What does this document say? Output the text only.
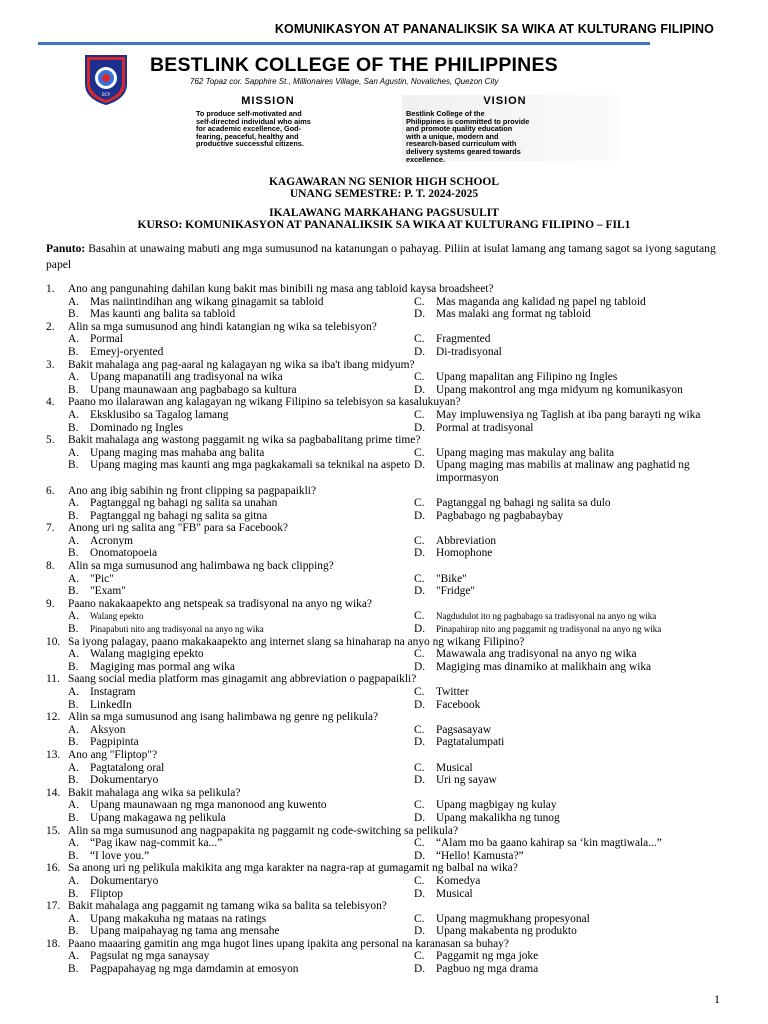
KOMUNIKASYON AT PANANALIKSIK SA WIKA AT KULTURANG FILIPINO
BCP
BESTLINK COLLEGE OF THE PHILIPPINES
762 Topaz cor. Sapphire St., Millionaires Village, San Agustin, Novaliches, Quezon City
MISSION
To produce self-motivated and
self-directed individual who aims
for academic excellence, God-
fearing, peaceful, healthy and
productive successful citizens.
VISION
Bestlink College of the
Philippines is committed to provide
and promote quality education
with a unique, modern and
research-based curriculum with
delivery systems geared towards
excellence.
KAGAWARAN NG SENIOR HIGH SCHOOL
UNANG SEMESTRE: P. T. 2024-2025
IKALAWANG MARKAHANG PAGSUSULIT
KURSO: KOMUNIKASYON AT PANANALIKSIK SA WIKA AT KULTURANG FILIPINO – FIL1
Panuto: Basahin at unawaing mabuti ang mga sumusunod na katanungan o pahayag. Piliin at isulat lamang ang tamang sagot sa iyong sagutang papel
1.	Ano ang pangunahing dahilan kung bakit mas binibili ng masa ang tabloid kaysa broadsheet?
A. Mas naiintindihan ang wikang ginagamit sa tabloid	C.	Mas maganda ang kalidad ng papel ng tabloid
B.	Mas kaunti ang balita sa tabloid	D. Mas malaki ang format ng tabloid
2.	Alin sa mga sumusunod ang hindi katangian ng wika sa telebisyon?
A. Pormal	C.	Fragmented
B.	Emeyj-oryented	D. Di-tradisyonal
3.	Bakit mahalaga ang pag-aaral ng kalagayan ng wika sa iba't ibang midyum?
A. Upang mapanatili ang tradisyonal na wika	C.	Upang mapalitan ang Filipino ng Ingles
B.	Upang maunawaan ang pagbabago sa kultura	D. Upang makontrol ang mga midyum ng komunikasyon
4.	Paano mo ilalarawan ang kalagayan ng wikang Filipino sa telebisyon sa kasalukuyan?
A. Eksklusibo sa Tagalog lamang	C.	May impluwensiya ng Taglish at iba pang barayti ng wika
B.	Dominado ng Ingles	D. Pormal at tradisyonal
5.	Bakit mahalaga ang wastong paggamit ng wika sa pagbabalitang prime time?
A. Upang maging mas mahaba ang balita	C.	Upang maging mas makulay ang balita
B.	Upang maging mas kaunti ang mga pagkakamali sa teknikal na aspeto D. Upang maging mas mabilis at malinaw ang paghatid ng impormasyon
6.	Ano ang ibig sabihin ng front clipping sa pagpapaikli?
A. Pagtanggal ng bahagi ng salita sa unahan	C.	Pagtanggal ng bahagi ng salita sa dulo
B.	Pagtanggal ng bahagi ng salita sa gitna	D. Pagbabago ng pagbabaybay
7.	Anong uri ng salita ang "FB" para sa Facebook?
A. Acronym	C.	Abbreviation
B.	Onomatopoeia	D. Homophone
8.	Alin sa mga sumusunod ang halimbawa ng back clipping?
A. "Pic"	C.	"Bike"
B.	"Exam"	D. "Fridge"
9.	Paano nakakaapekto ang netspeak sa tradisyonal na anyo ng wika?
A.	Walang epekto	C.	Nagdudulot ito ng pagbabago sa tradisyonal na anyo ng wika
B.	Pinapabuti nito ang tradisyonal na anyo ng wika	D.	Pinapahirap nito ang paggamit ng tradisyonal na anyo ng wika
10. Sa iyong palagay, paano makakaapekto ang internet slang sa hinaharap na anyo ng wikang Filipino?
A. Walang magiging epekto	C.	Mawawala ang tradisyonal na anyo ng wika
B.	Magiging mas pormal ang wika	D. Magiging mas dinamiko at malikhain ang wika
11. Saang social media platform mas ginagamit ang abbreviation o pagpapaikli?
A. Instagram	C.	Twitter
B.	LinkedIn	D. Facebook
12. Alin sa mga sumusunod ang isang halimbawa ng genre ng pelikula?
A. Aksyon	C.	Pagsasayaw
B.	Pagpipinta	D. Pagtatalumpati
13. Ano ang "Fliptop"?
A. Pagtatalong oral	C.	Musical
B.	Dokumentaryo	D. Uri ng sayaw
14. Bakit mahalaga ang wika sa pelikula?
A. Upang maunawaan ng mga manonood ang kuwento	C.	Upang magbigay ng kulay
B.	Upang makagawa ng pelikula	D. Upang makalikha ng tunog
15. Alin sa mga sumusunod ang nagpapakita ng paggamit ng code-switching sa pelikula?
A. “Pag ikaw nag-commit ka...”	C.	“Alam mo ba gaano kahirap sa ‘kin magtiwala...”
B.	“I love you.”	D. “Hello! Kamusta?”
16. Sa anong uri ng pelikula makikita ang mga karakter na nagra-rap at gumagamit ng balbal na wika?
A. Dokumentaryo	C.	Komedya
B.	Fliptop	D. Musical
17. Bakit mahalaga ang paggamit ng tamang wika sa balita sa telebisyon?
A. Upang makakuha ng mataas na ratings	C.	Upang magmukhang propesyonal
B.	Upang maipahayag ng tama ang mensahe	D. Upang makabenta ng produkto
18. Paano maaaring gamitin ang mga hugot lines upang ipakita ang personal na karanasan sa buhay?
A. Pagsulat ng mga sanaysay	C.	Paggamit ng mga joke
B.	Pagpapahayag ng mga damdamin at emosyon	D. Pagbuo ng mga drama
1
